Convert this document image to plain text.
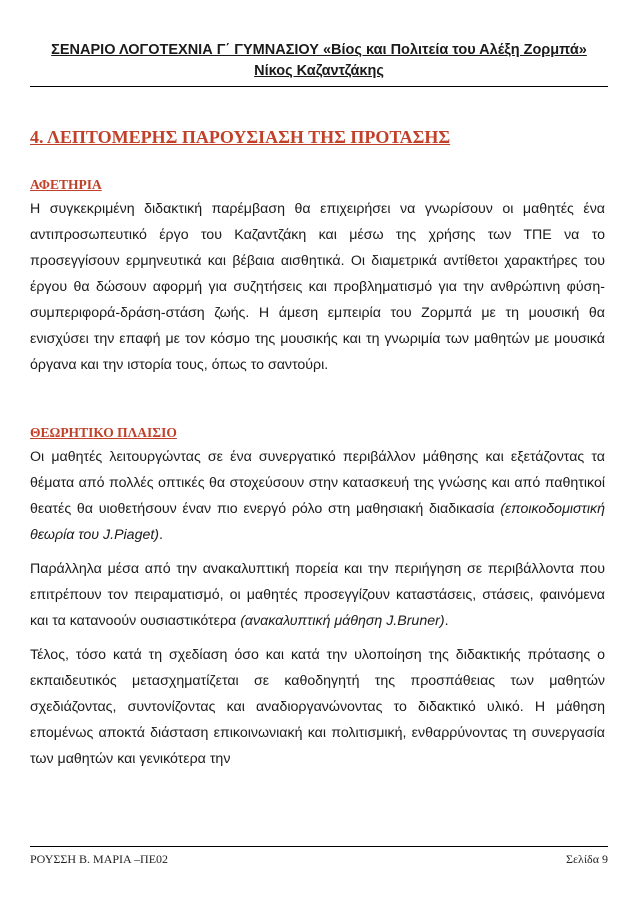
ΣΕΝΑΡΙΟ ΛΟΓΟΤΕΧΝΙΑ Γ΄ ΓΥΜΝΑΣΙΟΥ «Βίος και Πολιτεία του Αλέξη Ζορμπά»
Νίκος Καζαντζάκης
4. ΛΕΠΤΟΜΕΡΗΣ ΠΑΡΟΥΣΙΑΣΗ ΤΗΣ ΠΡΟΤΑΣΗΣ
ΑΦΕΤΗΡΙΑ

Η συγκεκριμένη διδακτική παρέμβαση θα επιχειρήσει να γνωρίσουν οι μαθητές ένα αντιπροσωπευτικό έργο του Καζαντζάκη και μέσω της χρήσης των ΤΠΕ να το προσεγγίσουν ερμηνευτικά και βέβαια αισθητικά. Οι διαμετρικά αντίθετοι χαρακτήρες του έργου θα δώσουν αφορμή για συζητήσεις και προβληματισμό για την ανθρώπινη φύση-συμπεριφορά-δράση-στάση ζωής. Η άμεση εμπειρία του Ζορμπά με τη μουσική θα ενισχύσει την επαφή με τον κόσμο της μουσικής και τη γνωριμία των μαθητών με μουσικά όργανα και την ιστορία τους, όπως το σαντούρι.

ΘΕΩΡΗΤΙΚΟ ΠΛΑΙΣΙΟ

Οι μαθητές λειτουργώντας σε ένα συνεργατικό περιβάλλον μάθησης και εξετάζοντας τα θέματα από πολλές οπτικές θα στοχεύσουν στην κατασκευή της γνώσης και από παθητικοί θεατές θα υιοθετήσουν έναν πιο ενεργό ρόλο στη μαθησιακή διαδικασία (εποικοδομιστική θεωρία του J.Piaget).

Παράλληλα μέσα από την ανακαλυπτική πορεία και την περιήγηση σε περιβάλλοντα που επιτρέπουν τον πειραματισμό, οι μαθητές προσεγγίζουν καταστάσεις, στάσεις, φαινόμενα και τα κατανοούν ουσιαστικότερα (ανακαλυπτική μάθηση J.Bruner).

Τέλος, τόσο κατά τη σχεδίαση όσο και κατά την υλοποίηση της διδακτικής πρότασης ο εκπαιδευτικός μετασχηματίζεται σε καθοδηγητή της προσπάθειας των μαθητών σχεδιάζοντας, συντονίζοντας και αναδιοργανώνοντας το διδακτικό υλικό. Η μάθηση επομένως αποκτά διάσταση επικοινωνιακή και πολιτισμική, ενθαρρύνοντας τη συνεργασία των μαθητών και γενικότερα την

ΡΟΥΣΣΗ Β. ΜΑΡΙΑ –ΠΕ02	Σελίδα 9
